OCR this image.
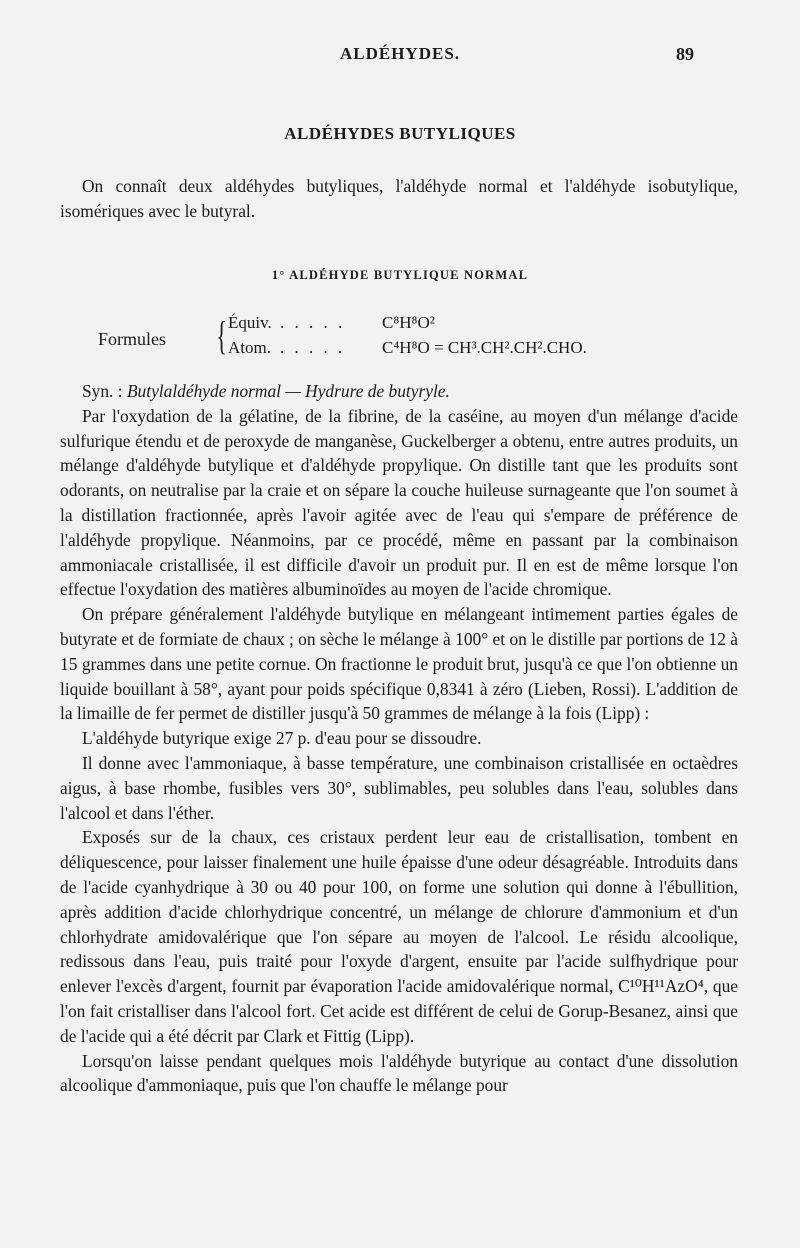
ALDÉHYDES.	89
ALDÉHYDES BUTYLIQUES

On connaît deux aldéhydes butyliques, l'aldéhyde normal et l'aldéhyde isobutylique, isomériques avec le butyral.

1° ALDÉHYDE BUTYLIQUE NORMAL
Formules { Équiv. . . . . . C⁸H⁸O²
Atom. . . . . . C⁴H⁸O = CH³.CH².CH².CHO.

Syn. : Butylaldéhyde normal — Hydrure de butyryle.

Par l'oxydation de la gélatine, de la fibrine, de la caséine, au moyen d'un mélange d'acide sulfurique étendu et de peroxyde de manganèse, Guckelberger a obtenu, entre autres produits, un mélange d'aldéhyde butylique et d'aldéhyde propylique. On distille tant que les produits sont odorants, on neutralise par la craie et on sépare la couche huileuse surnageante que l'on soumet à la distillation fractionnée, après l'avoir agitée avec de l'eau qui s'empare de préférence de l'aldéhyde propylique. Néanmoins, par ce procédé, même en passant par la combinaison ammoniacale cristallisée, il est difficile d'avoir un produit pur. Il en est de même lorsque l'on effectue l'oxydation des matières albuminoïdes au moyen de l'acide chromique.

On prépare généralement l'aldéhyde butylique en mélangeant intimement parties égales de butyrate et de formiate de chaux ; on sèche le mélange à 100° et on le distille par portions de 12 à 15 grammes dans une petite cornue. On fractionne le produit brut, jusqu'à ce que l'on obtienne un liquide bouillant à 58°, ayant pour poids spécifique 0,8341 à zéro (Lieben, Rossi). L'addition de la limaille de fer permet de distiller jusqu'à 50 grammes de mélange à la fois (Lipp) :

L'aldéhyde butyrique exige 27 p. d'eau pour se dissoudre.

Il donne avec l'ammoniaque, à basse température, une combinaison cristallisée en octaèdres aigus, à base rhombe, fusibles vers 30°, sublimables, peu solubles dans l'eau, solubles dans l'alcool et dans l'éther.

Exposés sur de la chaux, ces cristaux perdent leur eau de cristallisation, tombent en déliquescence, pour laisser finalement une huile épaisse d'une odeur désagréable. Introduits dans de l'acide cyanhydrique à 30 ou 40 pour 100, on forme une solution qui donne à l'ébullition, après addition d'acide chlorhydrique concentré, un mélange de chlorure d'ammonium et d'un chlorhydrate amidovalérique que l'on sépare au moyen de l'alcool. Le résidu alcoolique, redissous dans l'eau, puis traité pour l'oxyde d'argent, ensuite par l'acide sulfhydrique pour enlever l'excès d'argent, fournit par évaporation l'acide amidovalérique normal, C¹⁰H¹¹AzO⁴, que l'on fait cristalliser dans l'alcool fort. Cet acide est différent de celui de Gorup-Besanez, ainsi que de l'acide qui a été décrit par Clark et Fittig (Lipp).

Lorsqu'on laisse pendant quelques mois l'aldéhyde butyrique au contact d'une dissolution alcoolique d'ammoniaque, puis que l'on chauffe le mélange pour
